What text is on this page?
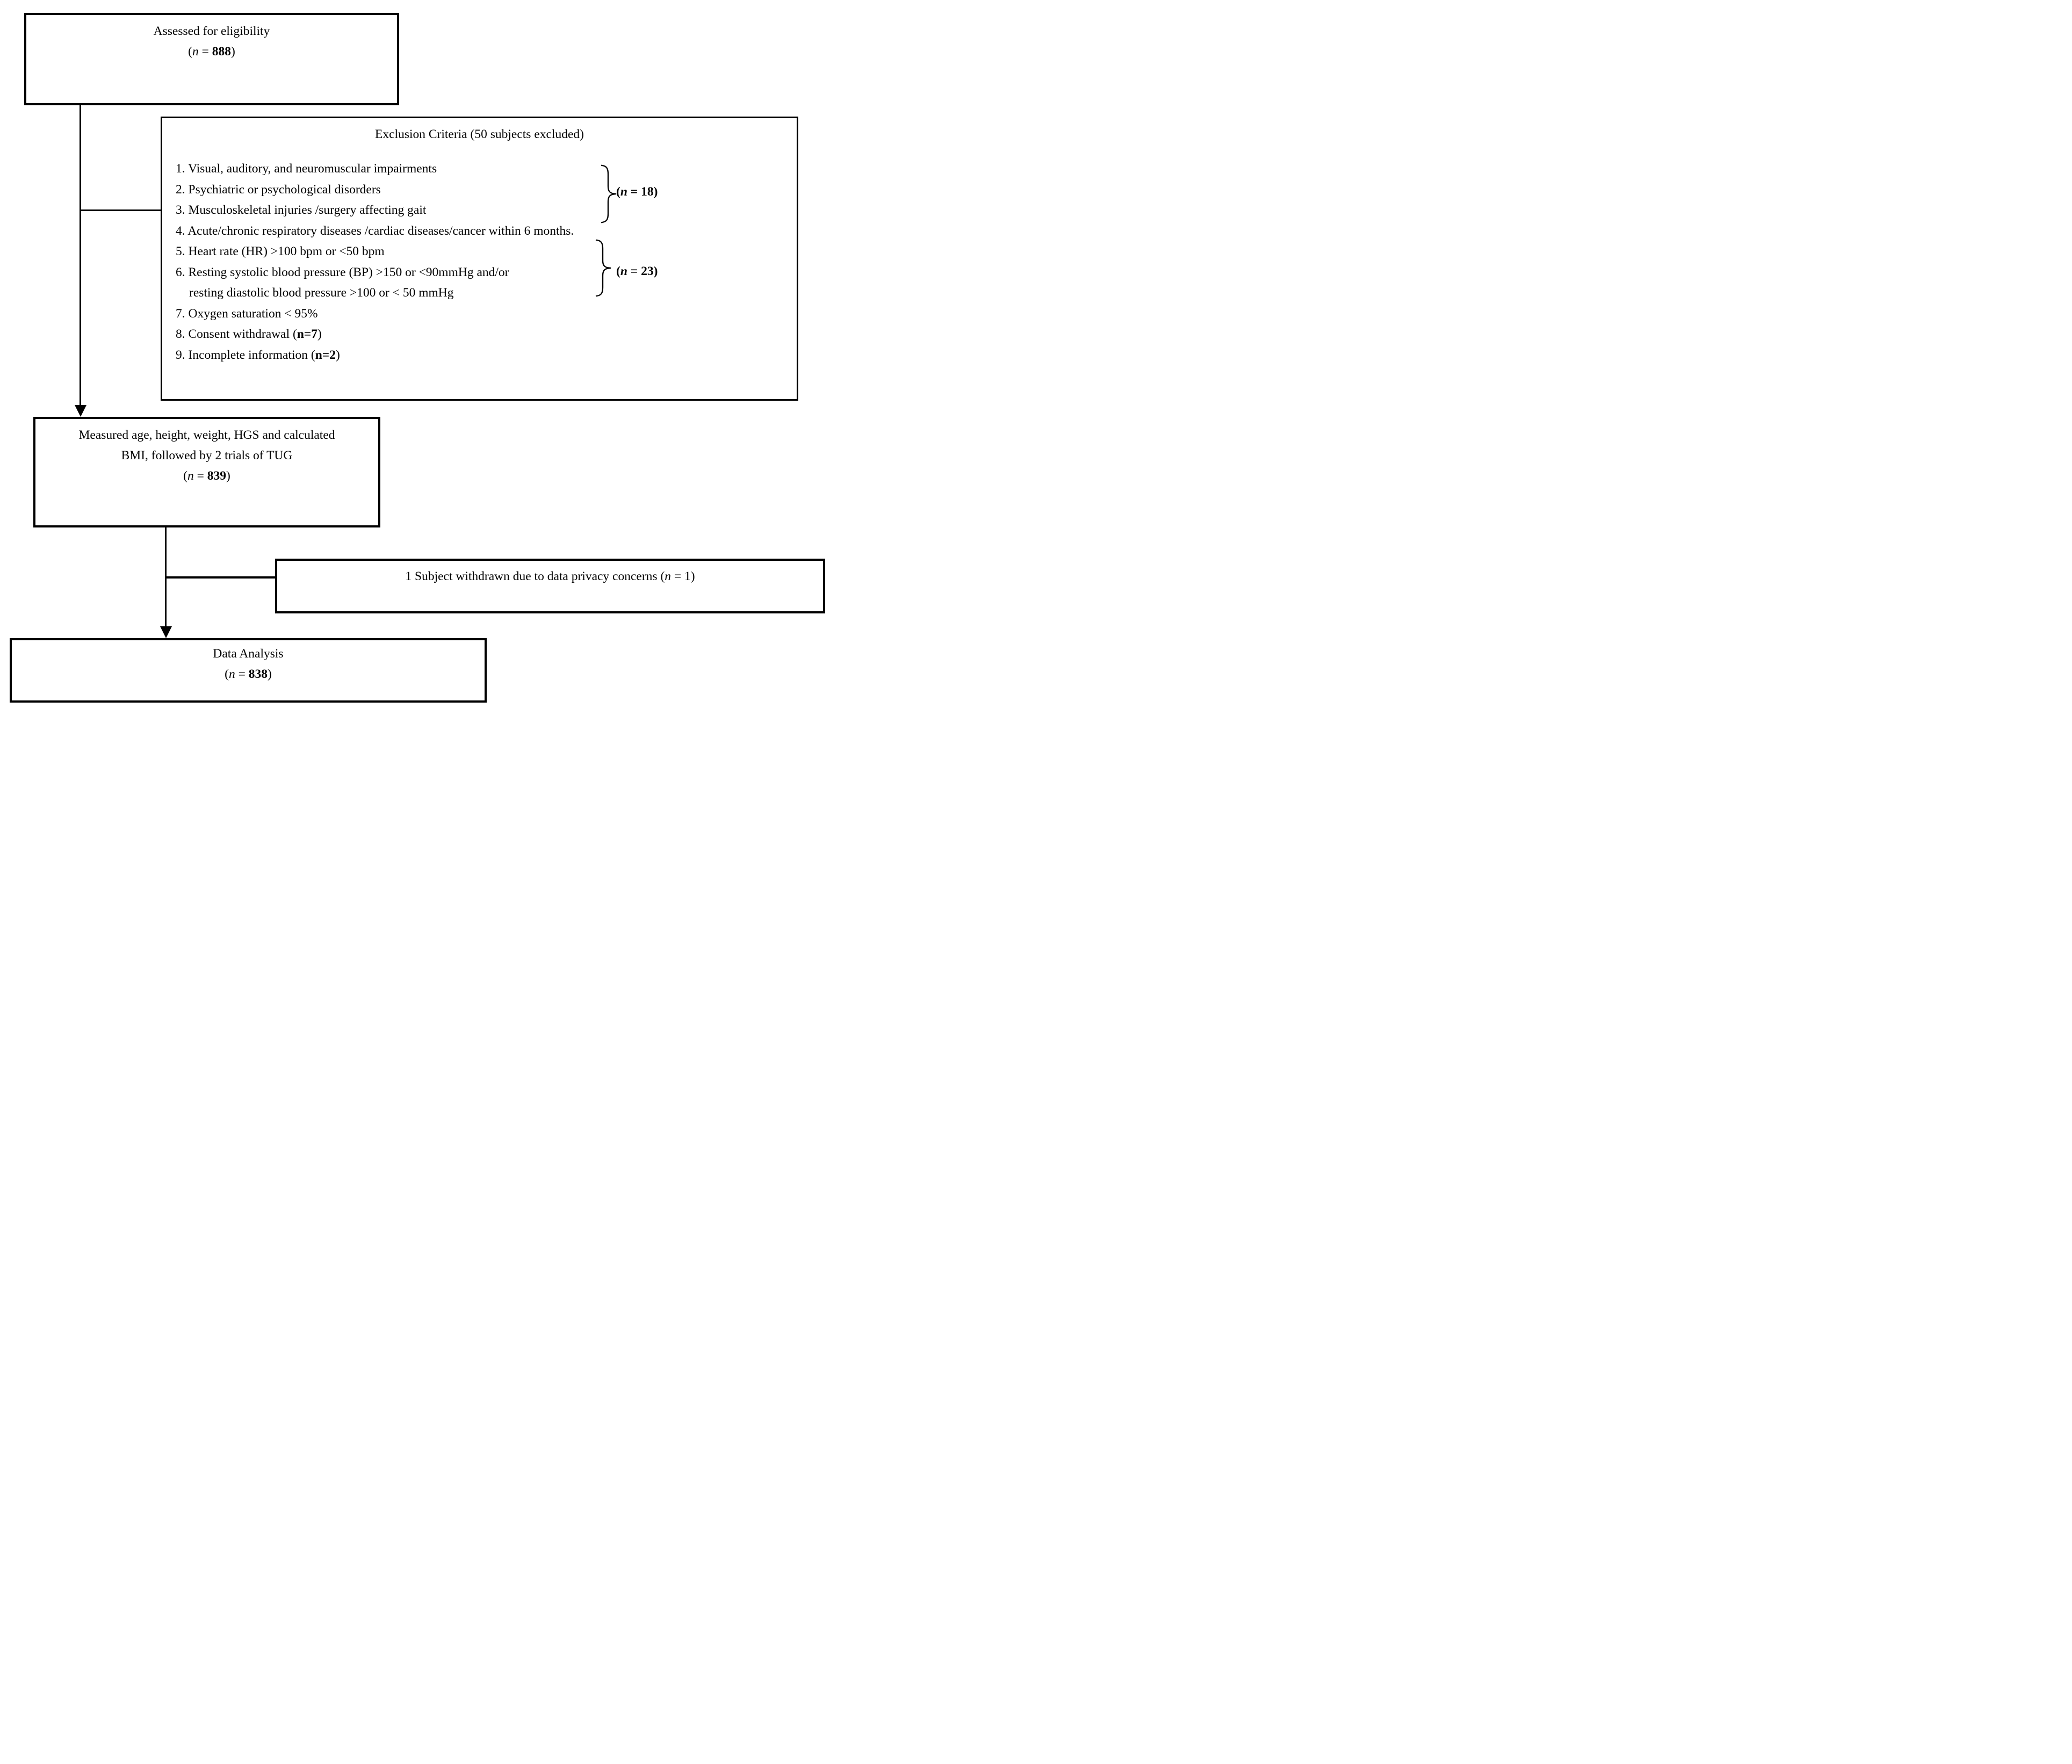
Assessed for eligibility
(n = 888)
Exclusion Criteria (50 subjects excluded)
1. Visual, auditory, and neuromuscular impairments
2. Psychiatric or psychological disorders
3. Musculoskeletal injuries /surgery affecting gait
4. Acute/chronic respiratory diseases /cardiac diseases/cancer within 6 months.
5. Heart rate (HR) >100 bpm or <50 bpm
6. Resting systolic blood pressure (BP) >150 or <90mmHg and/or
resting diastolic blood pressure >100 or < 50 mmHg
7. Oxygen saturation < 95%
8. Consent withdrawal (n=7)
9. Incomplete information (n=2)
(n = 18)
(n = 23)
Measured age, height, weight, HGS and calculated
BMI, followed by 2 trials of TUG
(n = 839)
1 Subject withdrawn due to data privacy concerns (n = 1)
Data Analysis
(n = 838)
